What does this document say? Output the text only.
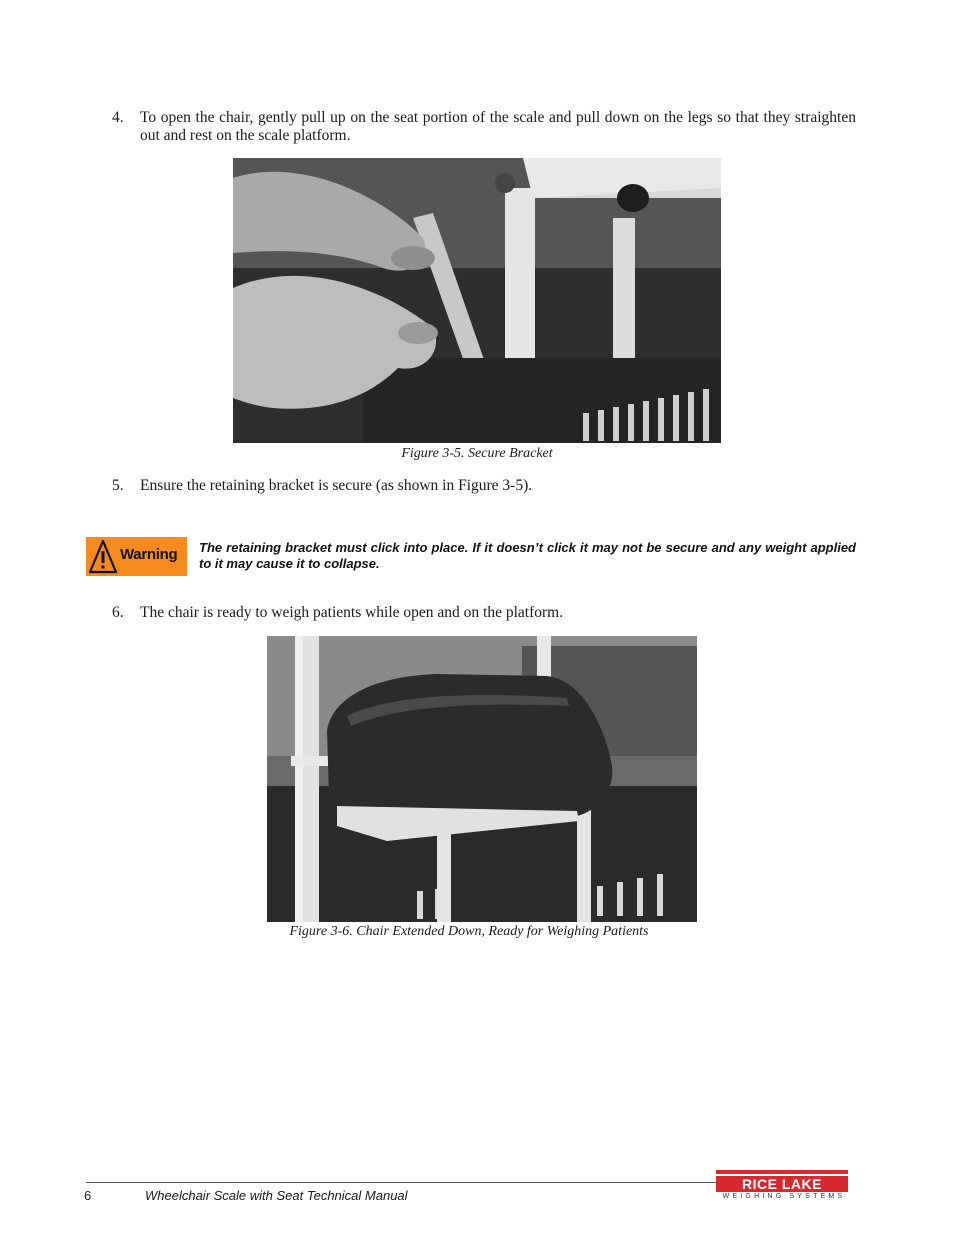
4.	To open the chair, gently pull up on the seat portion of the scale and pull down on the legs so that they straighten out and rest on the scale platform.
Figure 3-5. Secure Bracket
5.	Ensure the retaining bracket is secure (as shown in Figure 3-5).
Warning The retaining bracket must click into place. If it doesn’t click it may not be secure and any weight applied to it may cause it to collapse.
6.	The chair is ready to weigh patients while open and on the platform.
Figure 3-6. Chair Extended Down, Ready for Weighing Patients
6	Wheelchair Scale with Seat Technical Manual
RICE LAKE
WEIGHING SYSTEMS
